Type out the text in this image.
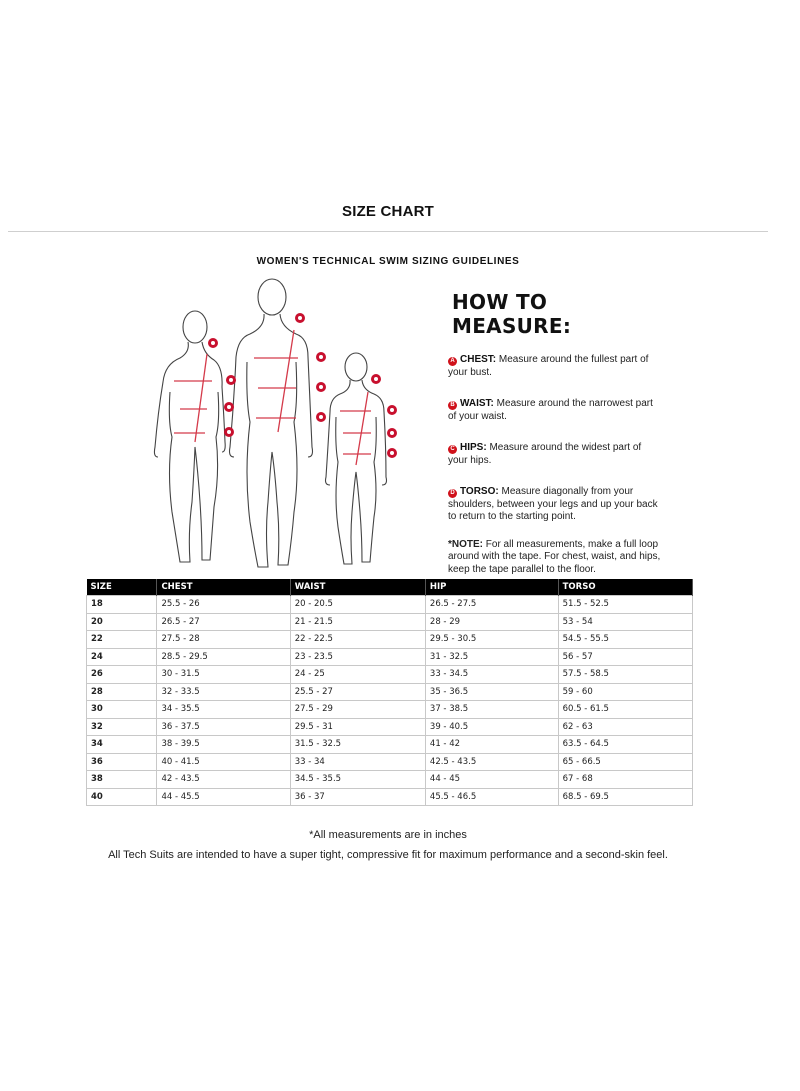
SIZE CHART
WOMEN'S TECHNICAL SWIM SIZING GUIDELINES
HOW TO MEASURE:
A CHEST: Measure around the fullest part of your bust.
B WAIST: Measure around the narrowest part of your waist.
C HIPS: Measure around the widest part of your hips.
D TORSO: Measure diagonally from your shoulders, between your legs and up your back to return to the starting point.
*NOTE: For all measurements, make a full loop around with the tape. For chest, waist, and hips, keep the tape parallel to the floor.
SIZE	CHEST	WAIST	HIP	TORSO
18	25.5 - 26	20 - 20.5	26.5 - 27.5	51.5 - 52.5
20	26.5 - 27	21 - 21.5	28 - 29	53 - 54
22	27.5 - 28	22 - 22.5	29.5 - 30.5	54.5 - 55.5
24	28.5 - 29.5	23 - 23.5	31 - 32.5	56 - 57
26	30 - 31.5	24 - 25	33 - 34.5	57.5 - 58.5
28	32 - 33.5	25.5 - 27	35 - 36.5	59 - 60
30	34 - 35.5	27.5 - 29	37 - 38.5	60.5 - 61.5
32	36 - 37.5	29.5 - 31	39 - 40.5	62 - 63
34	38 - 39.5	31.5 - 32.5	41 - 42	63.5 - 64.5
36	40 - 41.5	33 - 34	42.5 - 43.5	65 - 66.5
38	42 - 43.5	34.5 - 35.5	44 - 45	67 - 68
40	44 - 45.5	36 - 37	45.5 - 46.5	68.5 - 69.5
*All measurements are in inches
All Tech Suits are intended to have a super tight, compressive fit for maximum performance and a second-skin feel.
